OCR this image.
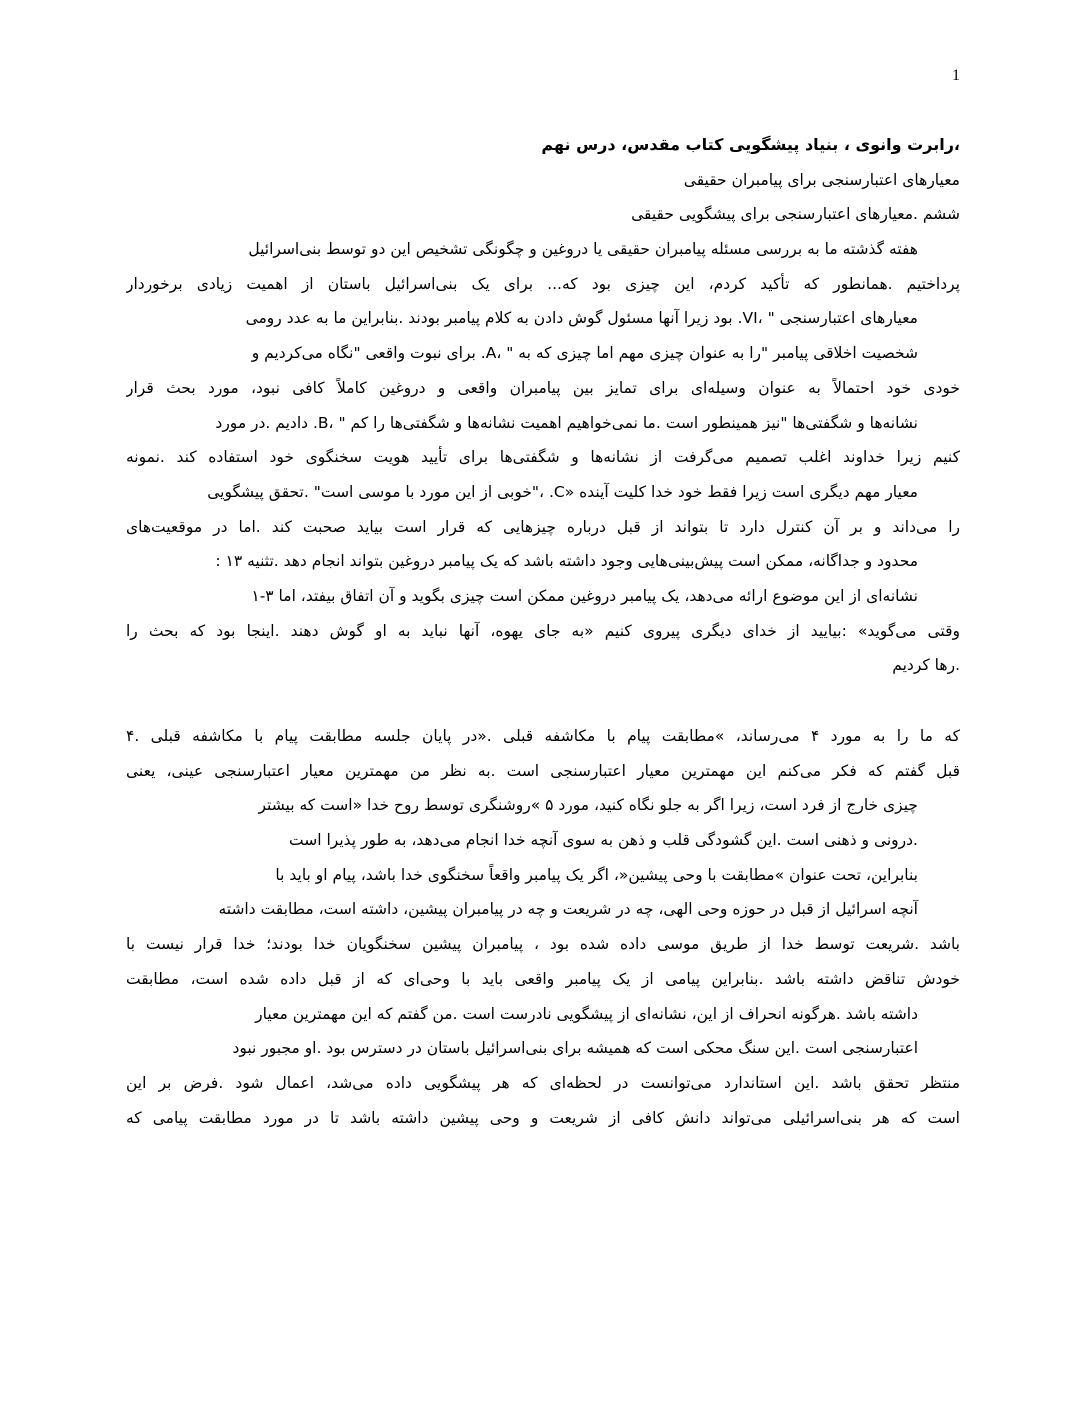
1
،رابرت وانوی ، بنیاد پیشگویی کتاب مقدس، درس نهم
معیارهای اعتبارسنجی برای پیامبران حقیقی
ششم .معیارهای اعتبارسنجی برای پیشگویی حقیقی
هفته گذشته ما به بررسی مسئله پیامبران حقیقی یا دروغین و چگونگی تشخیص این دو توسط بنی‌اسرائیل
پرداختیم .همانطور که تأکید کردم، این چیزی بود که... برای یک بنی‌اسرائیل باستان از اهمیت زیادی برخوردار
معیارهای اعتبارسنجی " ،VI. بود زیرا آنها مسئول گوش دادن به کلام پیامبر بودند .بنابراین ما به عدد رومی
شخصیت اخلاقی پیامبر "را به عنوان چیزی مهم اما چیزی که به " ،A. برای نبوت واقعی "نگاه می‌کردیم و
خودی خود احتمالاً به عنوان وسیله‌ای برای تمایز بین پیامبران واقعی و دروغین کاملاً کافی نبود، مورد بحث قرار
نشانه‌ها و شگفتی‌ها "نیز همینطور است .ما نمی‌خواهیم اهمیت نشانه‌ها و شگفتی‌ها را کم " ،B. دادیم .در مورد
کنیم زیرا خداوند اغلب تصمیم می‌گرفت از نشانه‌ها و شگفتی‌ها برای تأیید هویت سخنگوی خود استفاده کند .نمونه
معیار مهم دیگری است زیرا فقط خود خدا کلیت آینده «C. ،"خوبی از این مورد با موسی است" .تحقق پیشگویی
را می‌داند و بر آن کنترل دارد تا بتواند از قبل درباره چیزهایی که قرار است بیاید صحبت کند .اما در موقعیت‌های
محدود و جداگانه، ممکن است پیش‌بینی‌هایی وجود داشته باشد که یک پیامبر دروغین بتواند انجام دهد .تثنیه ۱۳ :
نشانه‌ای از این موضوع ارائه می‌دهد، یک پیامبر دروغین ممکن است چیزی بگوید و آن اتفاق بیفتد، اما ۳-۱
وقتی می‌گوید» :بیایید از خدای دیگری پیروی کنیم «به جای یهوه، آنها نباید به او گوش دهند .اینجا بود که بحث را
.رها کردیم
که ما را به مورد ۴ می‌رساند، »مطابقت پیام با مکاشفه قبلی .«در پایان جلسه مطابقت پیام با مکاشفه قبلی .۴
قبل گفتم که فکر می‌کنم این مهمترین معیار اعتبارسنجی است .به نظر من مهمترین معیار اعتبارسنجی عینی، یعنی
چیزی خارج از فرد است، زیرا اگر به جلو نگاه کنید، مورد ۵ »روشنگری توسط روح خدا «است که بیشتر
.درونی و ذهنی است .این گشودگی قلب و ذهن به سوی آنچه خدا انجام می‌دهد، به طور پذیرا است
بنابراین، تحت عنوان »مطابقت با وحی پیشین«، اگر یک پیامبر واقعاً سخنگوی خدا باشد، پیام او باید با
آنچه اسرائیل از قبل در حوزه وحی الهی، چه در شریعت و چه در پیامبران پیشین، داشته است، مطابقت داشته
باشد .شریعت توسط خدا از طریق موسی داده شده بود ، پیامبران پیشین سخنگویان خدا بودند؛ خدا قرار نیست با
خودش تناقض داشته باشد .بنابراین پیامی از یک پیامبر واقعی باید با وحی‌ای که از قبل داده شده است، مطابقت
داشته باشد .هرگونه انحراف از این، نشانه‌ای از پیشگویی نادرست است .من گفتم که این مهمترین معیار
اعتبارسنجی است .این سنگ محکی است که همیشه برای بنی‌اسرائیل باستان در دسترس بود .او مجبور نبود
منتظر تحقق باشد .این استاندارد می‌توانست در لحظه‌ای که هر پیشگویی داده می‌شد، اعمال شود .فرض بر این
است که هر بنی‌اسرائیلی می‌تواند دانش کافی از شریعت و وحی پیشین داشته باشد تا در مورد مطابقت پیامی که
